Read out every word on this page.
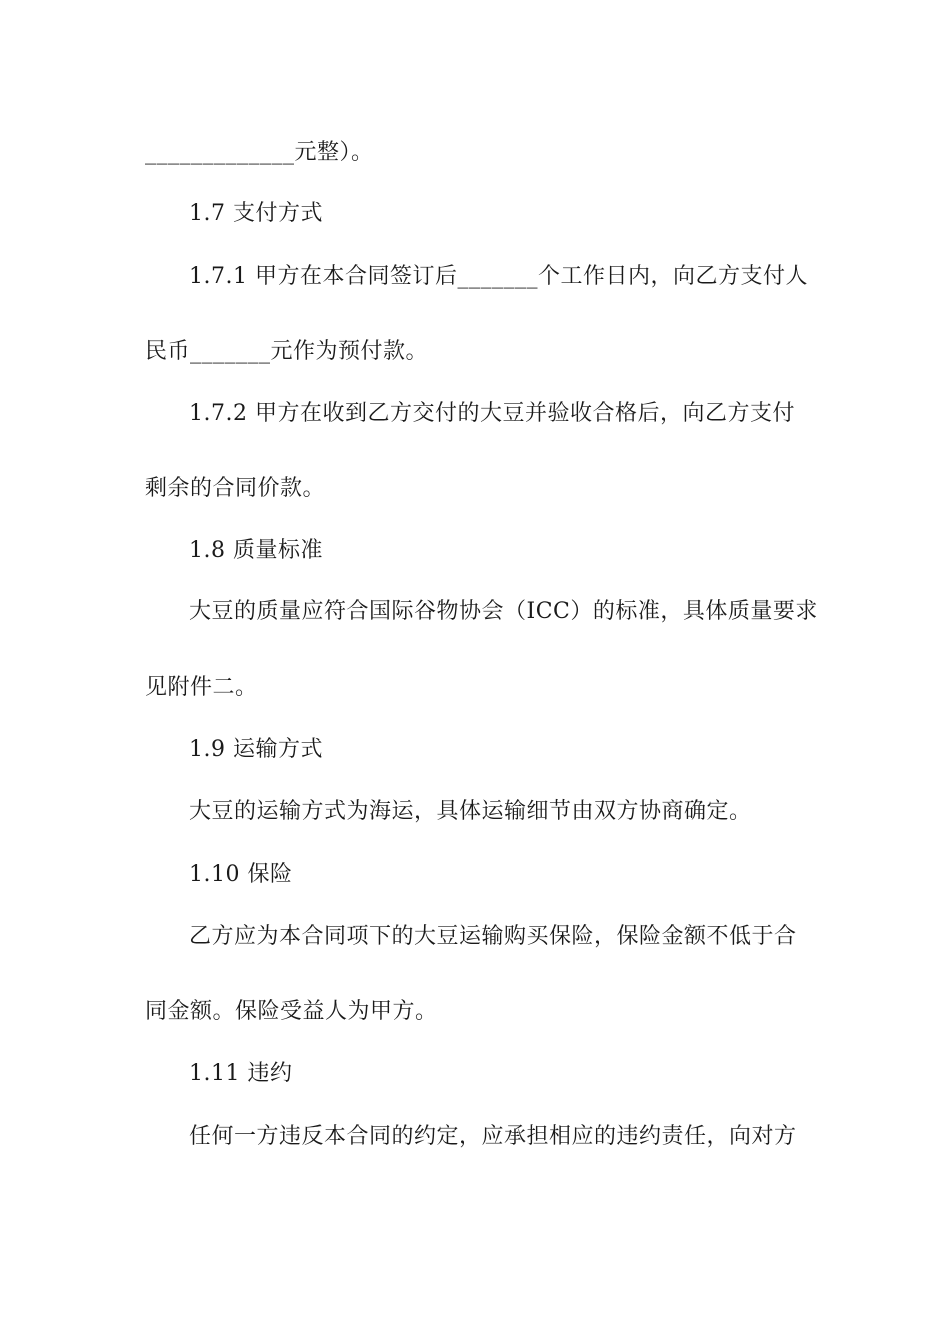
_____________元整）。
1.7 支付方式
1.7.1 甲方在本合同签订后_______个工作日内，向乙方支付人
民币_______元作为预付款。
1.7.2 甲方在收到乙方交付的大豆并验收合格后，向乙方支付
剩余的合同价款。
1.8 质量标准
大豆的质量应符合国际谷物协会（ICC）的标准，具体质量要求
见附件二。
1.9 运输方式
大豆的运输方式为海运，具体运输细节由双方协商确定。
1.10 保险
乙方应为本合同项下的大豆运输购买保险，保险金额不低于合
同金额。保险受益人为甲方。
1.11 违约
任何一方违反本合同的约定，应承担相应的违约责任，向对方
